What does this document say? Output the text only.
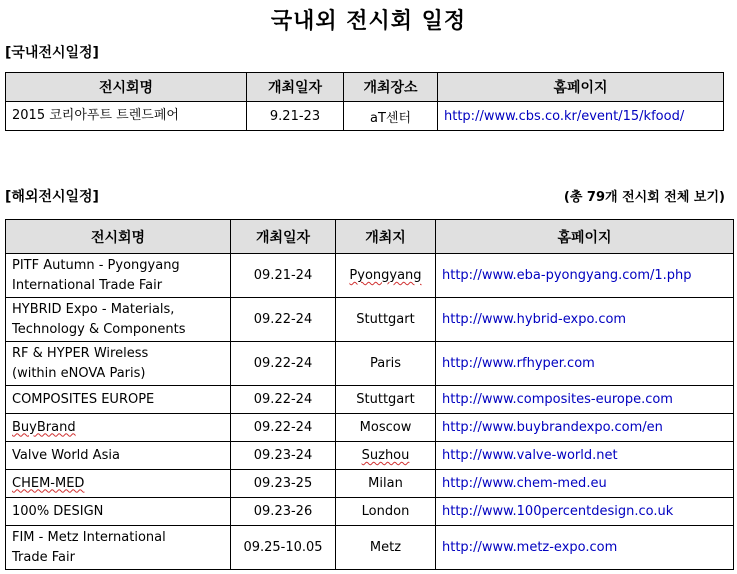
국내외 전시회 일정
[국내전시일정]
전시회명	개최일자	개최장소	홈페이지
2015 코리아푸트 트렌드페어	9.21-23	aT센터	http://www.cbs.co.kr/event/15/kfood/
[해외전시일정]	(총 79개 전시회 전체 보기)
전시회명	개최일자	개최지	홈페이지

PITF Autumn - Pyongyang
International Trade Fair	09.21-24	Pyongyang	http://www.eba-pyongyang.com/1.php

HYBRID Expo - Materials,
Technology & Components	09.22-24	Stuttgart	http://www.hybrid-expo.com

RF & HYPER Wireless
(within eNOVA Paris)	09.22-24	Paris	http://www.rfhyper.com
COMPOSITES EUROPE	09.22-24	Stuttgart	http://www.composites-europe.com
BuyBrand	09.22-24	Moscow	http://www.buybrandexpo.com/en
Valve World Asia	09.23-24	Suzhou	http://www.valve-world.net
CHEM-MED	09.23-25	Milan	http://www.chem-med.eu
100% DESIGN	09.23-26	London	http://www.100percentdesign.co.uk

FIM - Metz International
Trade Fair	09.25-10.05	Metz	http://www.metz-expo.com
